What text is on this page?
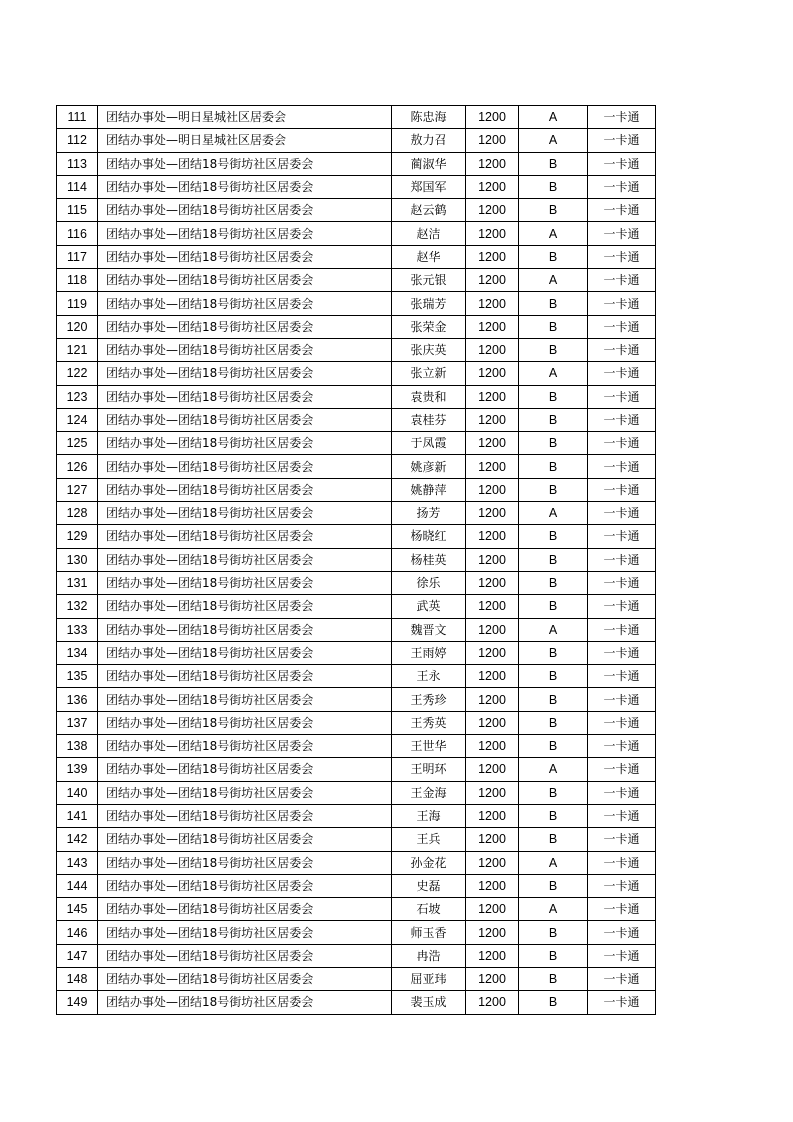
111	团结办事处—明日星城社区居委会	陈忠海	1200	A	一卡通
112	团结办事处—明日星城社区居委会	敖力召	1200	A	一卡通
113	团结办事处—团结18号街坊社区居委会	蔺淑华	1200	B	一卡通
114	团结办事处—团结18号街坊社区居委会	郑国军	1200	B	一卡通
115	团结办事处—团结18号街坊社区居委会	赵云鹤	1200	B	一卡通
116	团结办事处—团结18号街坊社区居委会	赵洁	1200	A	一卡通
117	团结办事处—团结18号街坊社区居委会	赵华	1200	B	一卡通
118	团结办事处—团结18号街坊社区居委会	张元银	1200	A	一卡通
119	团结办事处—团结18号街坊社区居委会	张瑞芳	1200	B	一卡通
120	团结办事处—团结18号街坊社区居委会	张荣金	1200	B	一卡通
121	团结办事处—团结18号街坊社区居委会	张庆英	1200	B	一卡通
122	团结办事处—团结18号街坊社区居委会	张立新	1200	A	一卡通
123	团结办事处—团结18号街坊社区居委会	袁贵和	1200	B	一卡通
124	团结办事处—团结18号街坊社区居委会	袁桂芬	1200	B	一卡通
125	团结办事处—团结18号街坊社区居委会	于凤霞	1200	B	一卡通
126	团结办事处—团结18号街坊社区居委会	姚彦新	1200	B	一卡通
127	团结办事处—团结18号街坊社区居委会	姚静萍	1200	B	一卡通
128	团结办事处—团结18号街坊社区居委会	扬芳	1200	A	一卡通
129	团结办事处—团结18号街坊社区居委会	杨晓红	1200	B	一卡通
130	团结办事处—团结18号街坊社区居委会	杨桂英	1200	B	一卡通
131	团结办事处—团结18号街坊社区居委会	徐乐	1200	B	一卡通
132	团结办事处—团结18号街坊社区居委会	武英	1200	B	一卡通
133	团结办事处—团结18号街坊社区居委会	魏晋文	1200	A	一卡通
134	团结办事处—团结18号街坊社区居委会	王雨婷	1200	B	一卡通
135	团结办事处—团结18号街坊社区居委会	王永	1200	B	一卡通
136	团结办事处—团结18号街坊社区居委会	王秀珍	1200	B	一卡通
137	团结办事处—团结18号街坊社区居委会	王秀英	1200	B	一卡通
138	团结办事处—团结18号街坊社区居委会	王世华	1200	B	一卡通
139	团结办事处—团结18号街坊社区居委会	王明环	1200	A	一卡通
140	团结办事处—团结18号街坊社区居委会	王金海	1200	B	一卡通
141	团结办事处—团结18号街坊社区居委会	王海	1200	B	一卡通
142	团结办事处—团结18号街坊社区居委会	王兵	1200	B	一卡通
143	团结办事处—团结18号街坊社区居委会	孙金花	1200	A	一卡通
144	团结办事处—团结18号街坊社区居委会	史磊	1200	B	一卡通
145	团结办事处—团结18号街坊社区居委会	石坡	1200	A	一卡通
146	团结办事处—团结18号街坊社区居委会	师玉香	1200	B	一卡通
147	团结办事处—团结18号街坊社区居委会	冉浩	1200	B	一卡通
148	团结办事处—团结18号街坊社区居委会	屈亚玮	1200	B	一卡通
149	团结办事处—团结18号街坊社区居委会	裴玉成	1200	B	一卡通
